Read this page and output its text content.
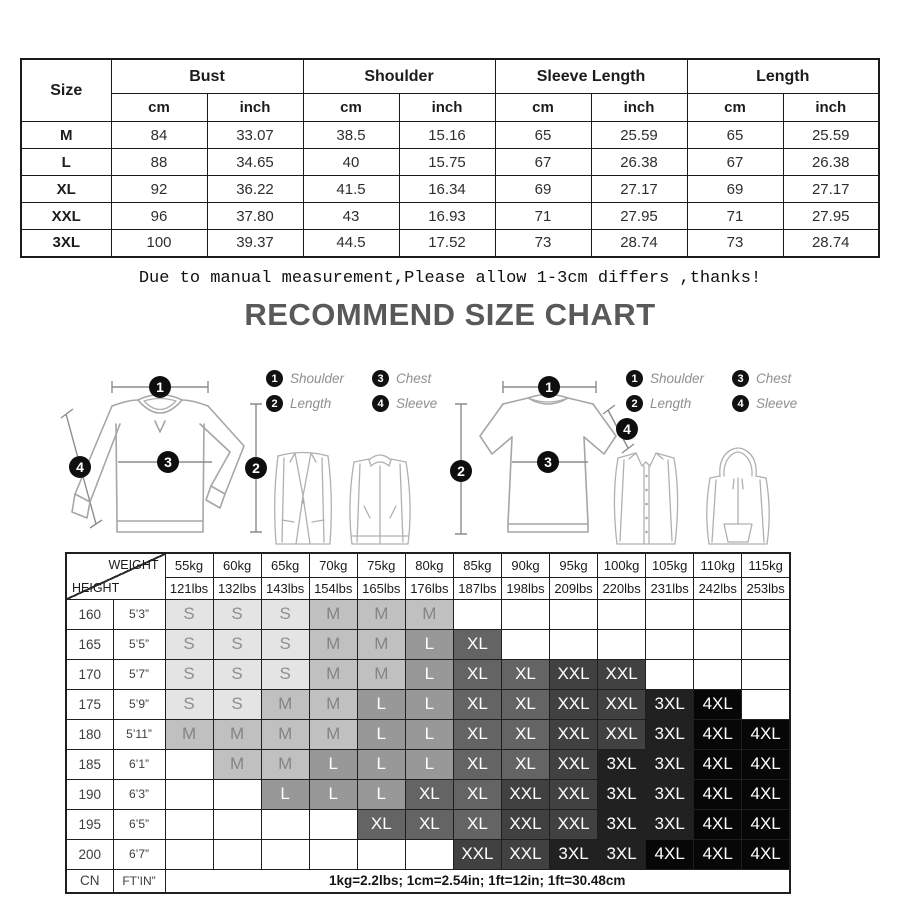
Size	Bust		Shoulder		Sleeve Length		Length	
	cm	inch	cm	inch	cm	inch	cm	inch
M	84	33.07	38.5	15.16	65	25.59	65	25.59
L	88	34.65	40	15.75	67	26.38	67	26.38
XL	92	36.22	41.5	16.34	69	27.17	69	27.17
XXL	96	37.80	43	16.93	71	27.95	71	27.95
3XL	100	39.37	44.5	17.52	73	28.74	73	28.74
Due to manual measurement,Please allow 1-3cm differs ,thanks!
RECOMMEND SIZE CHART
1
3	2
4
1 Shoulder	3 Chest
2 Length	4 Sleeve
1
2
3
4
1 Shoulder	3 Chest
2 Length	4 Sleeve
WEIGHT
HEIGHT		55kg	60kg	65kg	70kg	75kg	80kg	85kg	90kg	95kg	100kg	105kg	110kg	115kg
		121lbs	132lbs	143lbs	154lbs	165lbs	176lbs	187lbs	198lbs	209lbs	220lbs	231lbs	242lbs	253lbs
160	5’3”	S	S	S	M	M	M							
165	5’5”	S	S	S	M	M	L	XL						
170	5’7”	S	S	S	M	M	L	XL	XL	XXL	XXL			
175	5’9”	S	S	M	M	L	L	XL	XL	XXL	XXL	3XL	4XL	
180	5’11”	M	M	M	M	L	L	XL	XL	XXL	XXL	3XL	4XL	4XL
185	6’1”		M	M	L	L	L	XL	XL	XXL	3XL	3XL	4XL	4XL
190	6’3”			L	L	L	XL	XL	XXL	XXL	3XL	3XL	4XL	4XL
195	6’5”					XL	XL	XL	XXL	XXL	3XL	3XL	4XL	4XL
200	6’7”							XXL	XXL	3XL	3XL	4XL	4XL	4XL
CN	FT’IN”	1kg=2.2lbs; 1cm=2.54in; 1ft=12in; 1ft=30.48cm												
